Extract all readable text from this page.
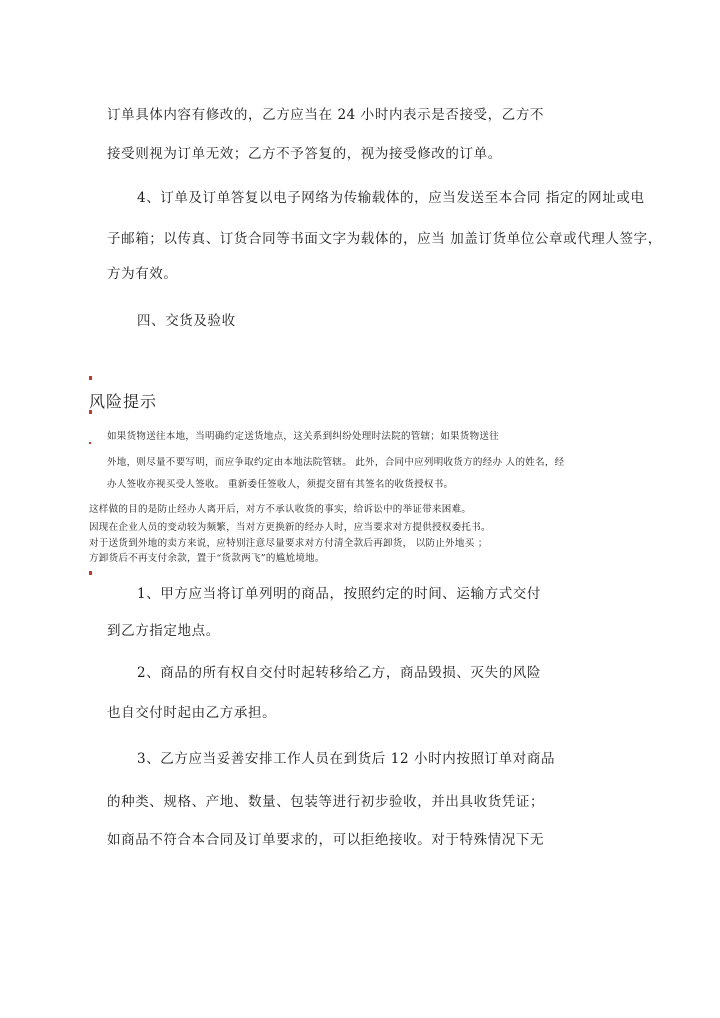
订单具体内容有修改的，乙方应当在 24 小时内表示是否接受，乙方不
接受则视为订单无效；乙方不予答复的，视为接受修改的订单。
4、订单及订单答复以电子网络为传输载体的，应当发送至本合同 指定的网址或电
子邮箱；以传真、订货合同等书面文字为载体的，应当 加盖订货单位公章或代理人签字，
方为有效。
四、交货及验收
风险提示
如果货物送往本地，当明确约定送货地点，这关系到纠纷处理时法院的管辖；如果货物送往
外地，则尽量不要写明，而应争取约定由本地法院管辖。 此外，合同中应列明收货方的经办 人的姓名，经
办人签收亦视买受人签收。 重新委任签收人，须提交留有其签名的收货授权书。
这样做的目的是防止经办人离开后，对方不承认收货的事实，给诉讼中的举证带来困难。
因现在企业人员的变动较为频繁，当对方更换新的经办人时，应当要求对方提供授权委托书。
对于送货到外地的卖方来说，应特别注意尽量要求对方付清全款后再卸货， 以防止外地买 ；
方卸货后不再支付余款，置于“货款两飞”的尴尬境地。
1、甲方应当将订单列明的商品，按照约定的时间、运输方式交付
到乙方指定地点。
2、商品的所有权自交付时起转移给乙方，商品毁损、灭失的风险
也自交付时起由乙方承担。
3、乙方应当妥善安排工作人员在到货后 12 小时内按照订单对商品
的种类、规格、产地、数量、包装等进行初步验收，并出具收货凭证；
如商品不符合本合同及订单要求的，可以拒绝接收。对于特殊情况下无
